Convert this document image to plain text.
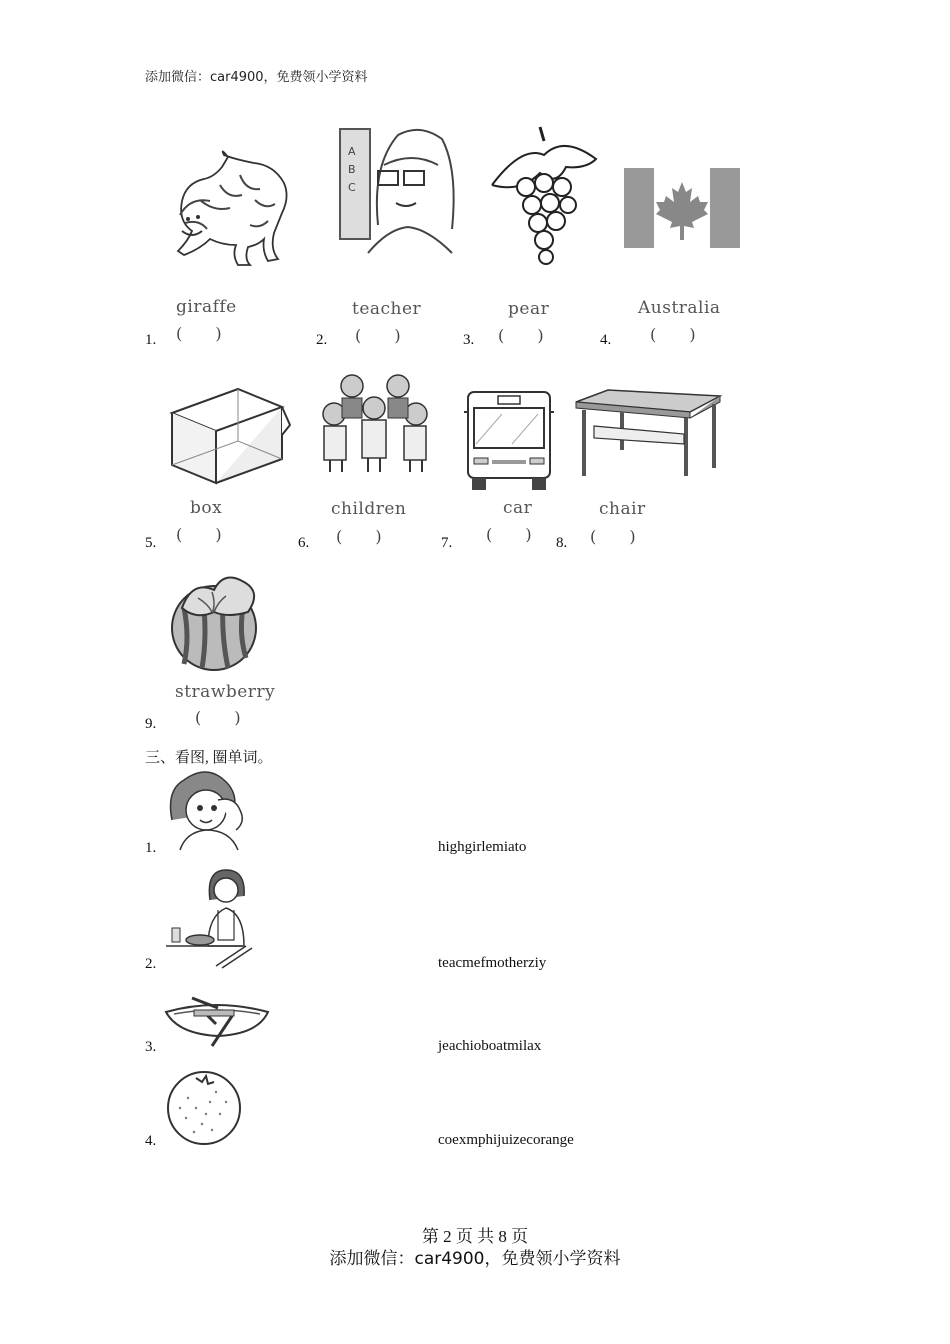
添加微信：car4900，免费领小学资料
A
B
C
giraffe	teacher	pear	Australia
1. ( )	2. ( )	3. ( )	4. ( )
box	children	car	chair
5. ( )	6. ( )	7. ( ) 8. ( )
strawberry
9. ( )
三、看图, 圈单词。
1.	highgirlemiato
2.	teacmefmotherziy
3.	jeachioboatmilax
4.	coexmphijuizecorange
第 2 页 共 8 页
添加微信：car4900，免费领小学资料
